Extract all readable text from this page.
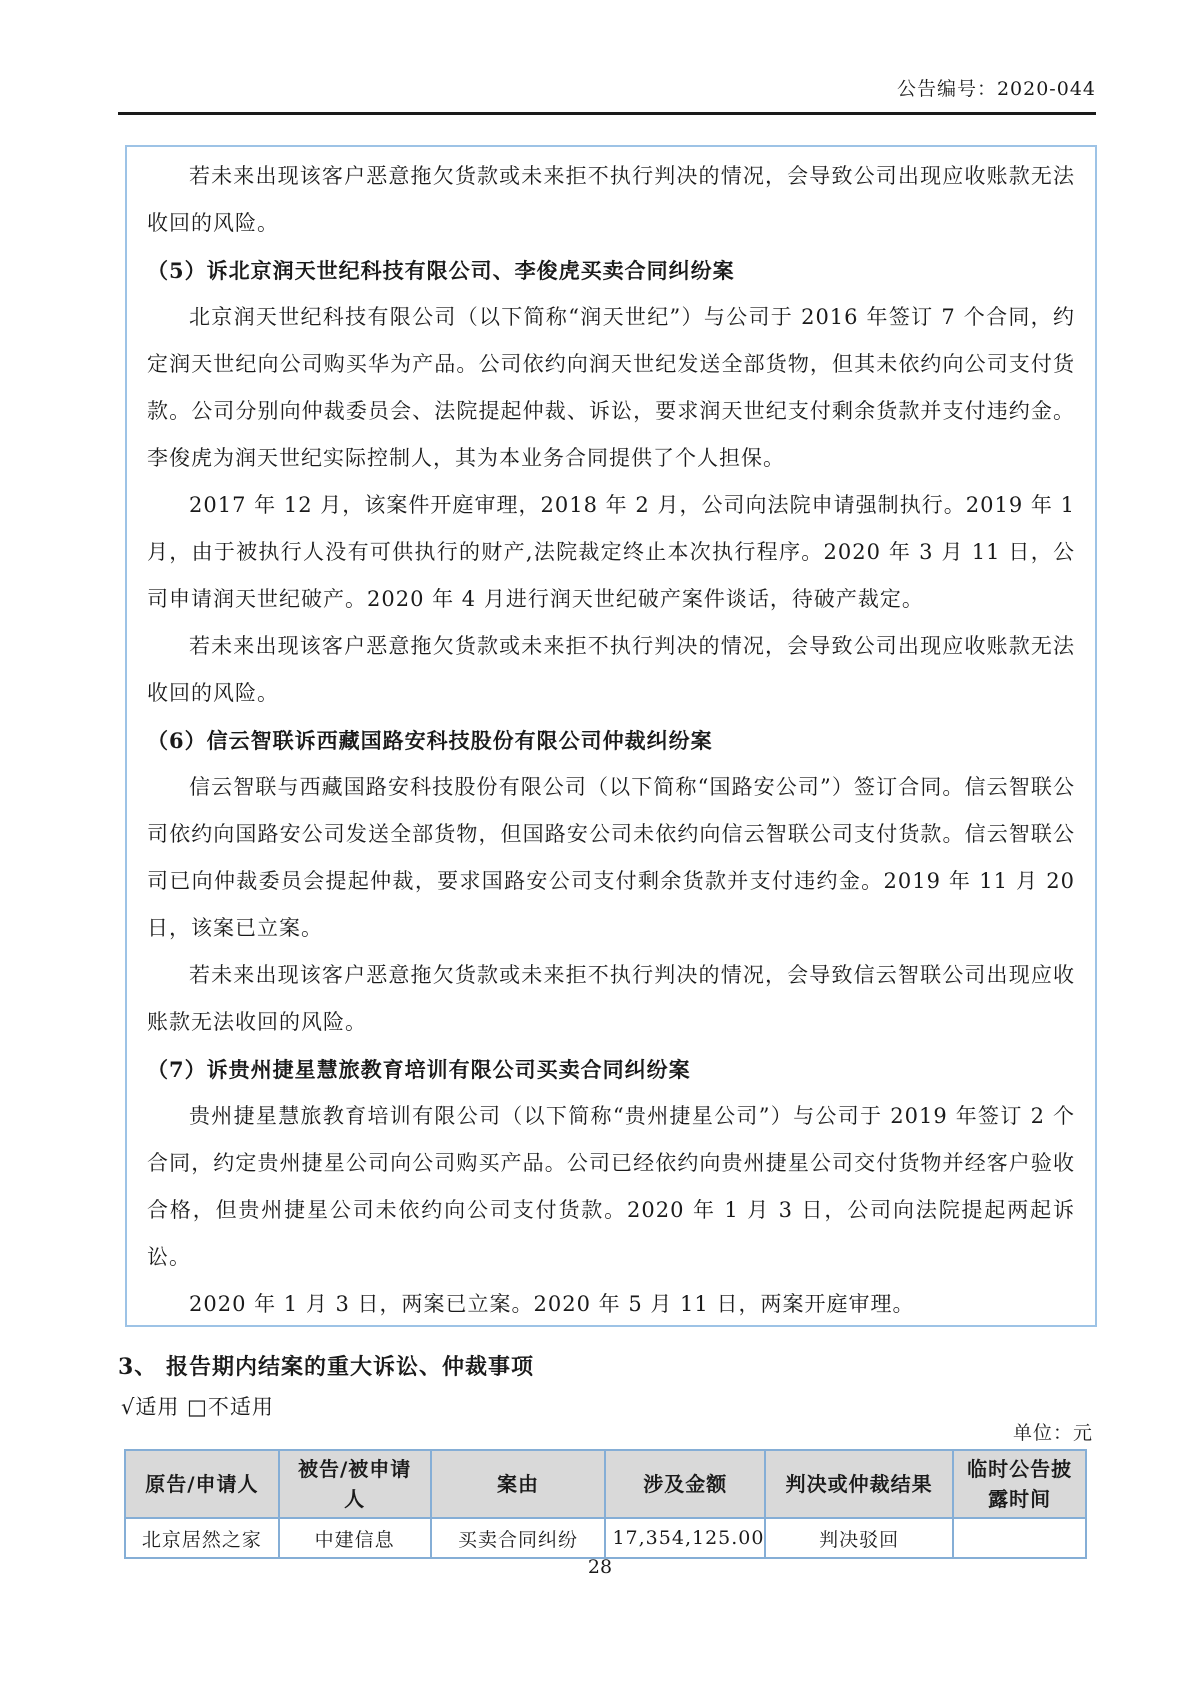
公告编号：2020-044

若未来出现该客户恶意拖欠货款或未来拒不执行判决的情况，会导致公司出现应收账款无法收回的风险。

（5）诉北京润天世纪科技有限公司、李俊虎买卖合同纠纷案

北京润天世纪科技有限公司（以下简称“润天世纪”）与公司于 2016 年签订 7 个合同，约定润天世纪向公司购买华为产品。公司依约向润天世纪发送全部货物，但其未依约向公司支付货款。公司分别向仲裁委员会、法院提起仲裁、诉讼，要求润天世纪支付剩余货款并支付违约金。李俊虎为润天世纪实际控制人，其为本业务合同提供了个人担保。

2017 年 12 月，该案件开庭审理，2018 年 2 月，公司向法院申请强制执行。2019 年 1 月，由于被执行人没有可供执行的财产,法院裁定终止本次执行程序。2020 年 3 月 11 日，公司申请润天世纪破产。2020 年 4 月进行润天世纪破产案件谈话，待破产裁定。

若未来出现该客户恶意拖欠货款或未来拒不执行判决的情况，会导致公司出现应收账款无法收回的风险。

（6）信云智联诉西藏国路安科技股份有限公司仲裁纠纷案

信云智联与西藏国路安科技股份有限公司（以下简称“国路安公司”）签订合同。信云智联公司依约向国路安公司发送全部货物，但国路安公司未依约向信云智联公司支付货款。信云智联公司已向仲裁委员会提起仲裁，要求国路安公司支付剩余货款并支付违约金。2019 年 11 月 20 日，该案已立案。

若未来出现该客户恶意拖欠货款或未来拒不执行判决的情况，会导致信云智联公司出现应收账款无法收回的风险。

（7）诉贵州捷星慧旅教育培训有限公司买卖合同纠纷案

贵州捷星慧旅教育培训有限公司（以下简称“贵州捷星公司”）与公司于 2019 年签订 2 个合同，约定贵州捷星公司向公司购买产品。公司已经依约向贵州捷星公司交付货物并经客户验收合格，但贵州捷星公司未依约向公司支付货款。2020 年 1 月 3 日，公司向法院提起两起诉讼。

2020 年 1 月 3 日，两案已立案。2020 年 5 月 11 日，两案开庭审理。

3、 报告期内结案的重大诉讼、仲裁事项
√适用 □不适用
单位：元
原告/申请人	被告/被申请人	案由	涉及金额	判决或仲裁结果	临时公告披露时间
北京居然之家	中建信息	买卖合同纠纷	17,354,125.00	判决驳回	
28
